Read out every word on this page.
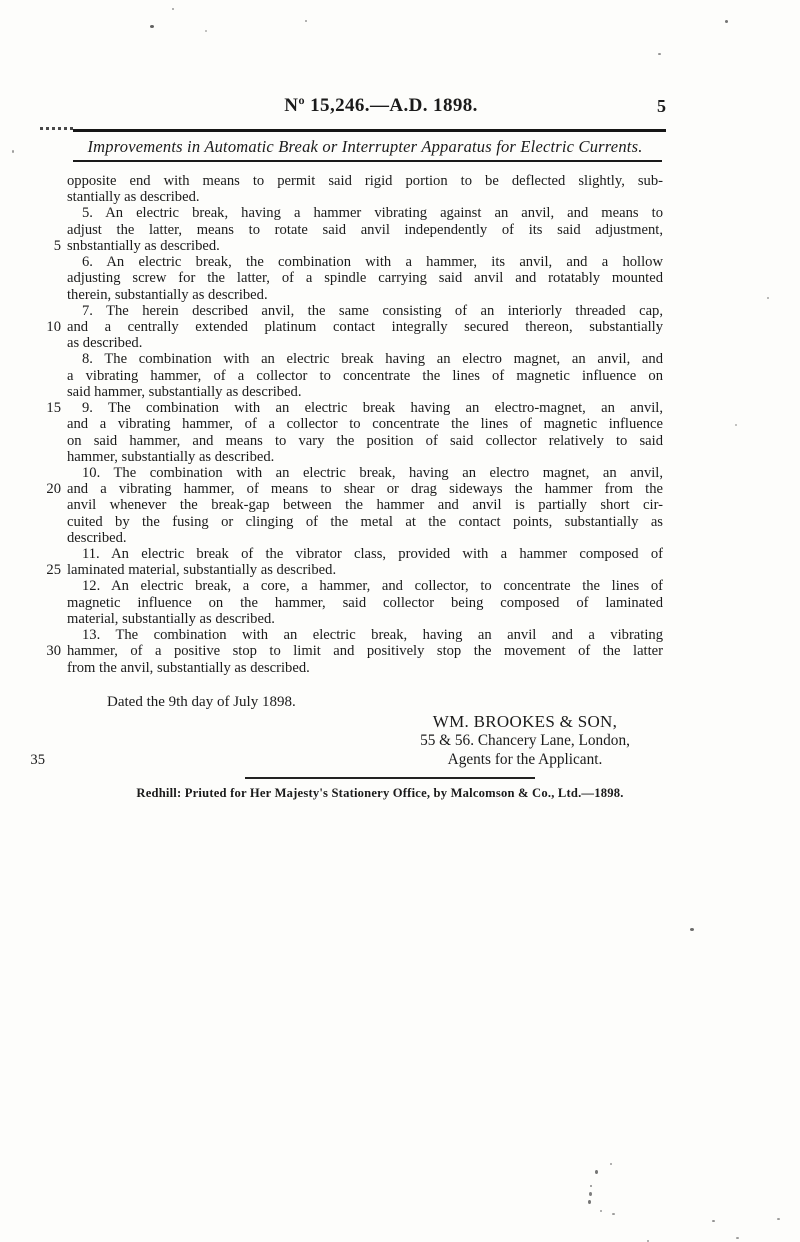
Nº 15,246.—A.D. 1898.	5
Improvements in Automatic Break or Interrupter Apparatus for Electric Currents.
opposite end with means to permit said rigid portion to be deflected slightly, sub-
stantially as described.
5. An electric break, having a hammer vibrating against an anvil, and means to
adjust the latter, means to rotate said anvil independently of its said adjustment,
5 snbstantially as described.
6. An electric break, the combination with a hammer, its anvil, and a hollow
adjusting screw for the latter, of a spindle carrying said anvil and rotatably mounted
therein, substantially as described.
7. The herein described anvil, the same consisting of an interiorly threaded cap,
10 and a centrally extended platinum contact integrally secured thereon, substantially
as described.
8. The combination with an electric break having an electro magnet, an anvil, and
a vibrating hammer, of a collector to concentrate the lines of magnetic influence on
said hammer, substantially as described.
15 9. The combination with an electric break having an electro-magnet, an anvil,
and a vibrating hammer, of a collector to concentrate the lines of magnetic influence
on said hammer, and means to vary the position of said collector relatively to said
hammer, substantially as described.
10. The combination with an electric break, having an electro magnet, an anvil,
20 and a vibrating hammer, of means to shear or drag sideways the hammer from the
anvil whenever the break-gap between the hammer and anvil is partially short cir-
cuited by the fusing or clinging of the metal at the contact points, substantially as
described.
11. An electric break of the vibrator class, provided with a hammer composed of
25 laminated material, substantially as described.
12. An electric break, a core, a hammer, and collector, to concentrate the lines of
magnetic influence on the hammer, said collector being composed of laminated
material, substantially as described.
13. The combination with an electric break, having an anvil and a vibrating
30 hammer, of a positive stop to limit and positively stop the movement of the latter
from the anvil, substantially as described.
Dated the 9th day of July 1898.
35
WM. BROOKES & SON,
55 & 56. Chancery Lane, London,
Agents for the Applicant.
Redhill: Priuted for Her Majesty's Stationery Office, by Malcomson & Co., Ltd.—1898.
